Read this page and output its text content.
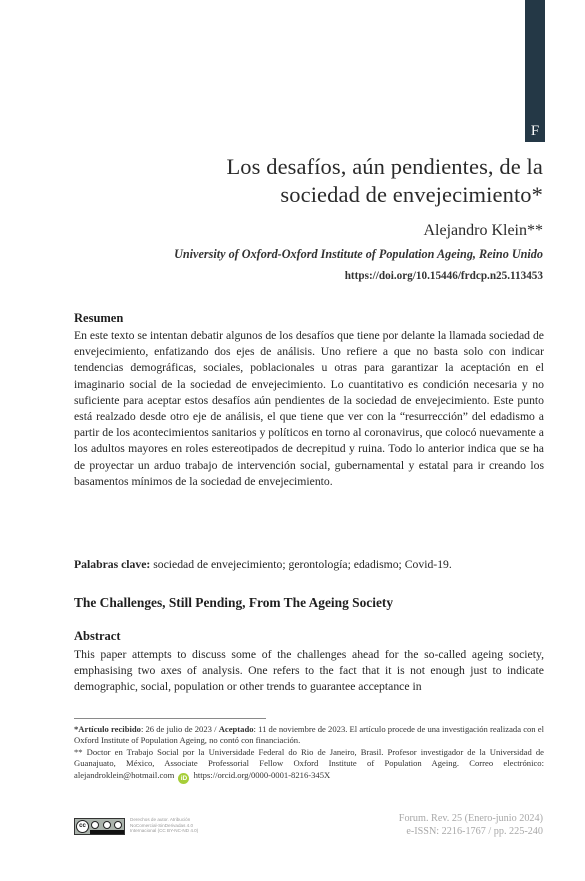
F
Los desafíos, aún pendientes, de la
sociedad de envejecimiento*
Alejandro Klein**
University of Oxford-Oxford Institute of Population Ageing, Reino Unido
https://doi.org/10.15446/frdcp.n25.113453
Resumen

En este texto se intentan debatir algunos de los desafíos que tiene por delante la llamada sociedad de envejecimiento, enfatizando dos ejes de análisis. Uno refiere a que no basta solo con indicar tendencias demográficas, sociales, poblacionales u otras para garantizar la aceptación en el imaginario social de la sociedad de envejecimiento. Lo cuantitativo es condición necesaria y no suficiente para aceptar estos desafíos aún pendientes de la sociedad de envejecimiento. Este punto está realzado desde otro eje de análisis, el que tiene que ver con la “resurrección” del edadismo a partir de los acontecimientos sanitarios y políticos en torno al coronavirus, que colocó nuevamente a los adultos mayores en roles estereotipados de decrepitud y ruina. Todo lo anterior indica que se ha de proyectar un arduo trabajo de intervención social, gubernamental y estatal para ir creando los basamentos mínimos de la sociedad de envejecimiento.

Palabras clave: sociedad de envejecimiento; gerontología; edadismo; Covid-19.

The Challenges, Still Pending, From The Ageing Society
Abstract

This paper attempts to discuss some of the challenges ahead for the so-called ageing society, emphasising two axes of analysis. One refers to the fact that it is not enough just to indicate demographic, social, population or other trends to guarantee acceptance in

*Artículo recibido: 26 de julio de 2023 / Aceptado: 11 de noviembre de 2023. El artículo procede de una investigación realizada con el Oxford Institute of Population Ageing, no contó con financiación.

** Doctor en Trabajo Social por la Universidade Federal do Rio de Janeiro, Brasil. Profesor investigador de la Universidad de Guanajuato, México, Associate Professorial Fellow Oxford Institute of Population Ageing. Correo electrónico: alejandroklein@hotmail.com iD https://orcid.org/0000-0001-8216-345X

cc
Derechos de autor. Atribución
NoComercial-SinDerivadas 4.0
Internacional (CC BY-NC-ND 4.0)
Forum. Rev. 25 (Enero-junio 2024)
e-ISSN: 2216-1767 / pp. 225-240
